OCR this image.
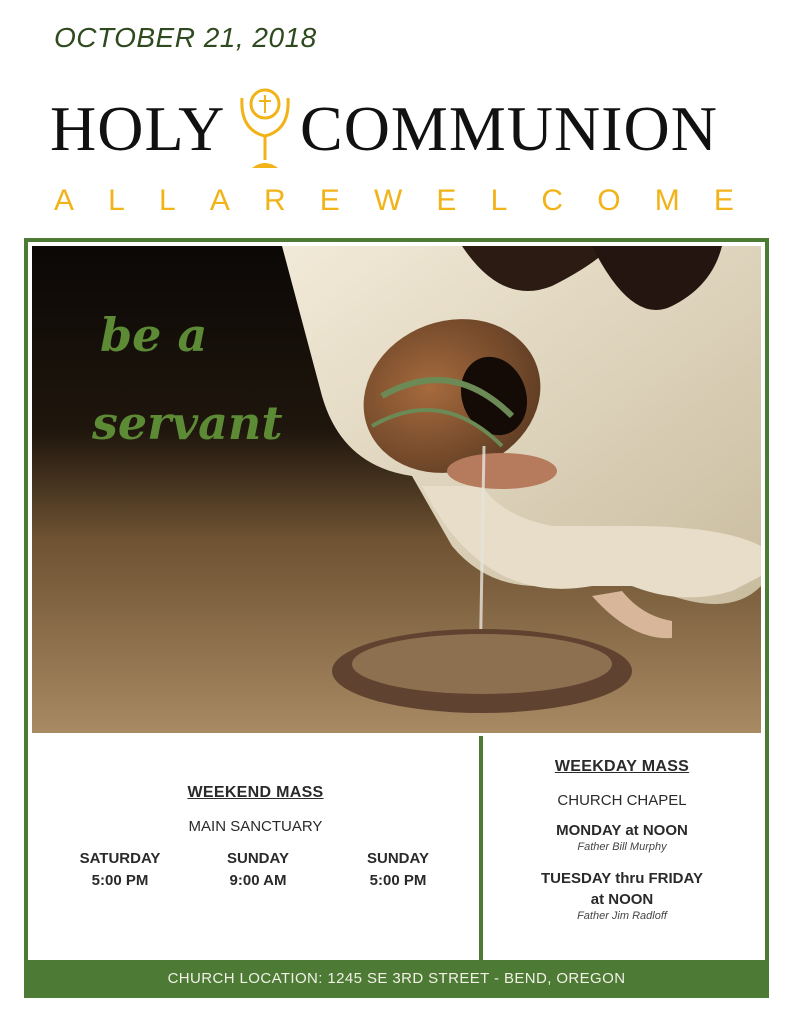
OCTOBER 21, 2018
HOLY COMMUNION
A L L A R E W E L C O M E
be a
servant
WEEKEND MASS
MAIN SANCTUARY
SATURDAY
5:00 PM
SUNDAY
9:00 AM
SUNDAY
5:00 PM
WEEKDAY MASS
CHURCH CHAPEL
MONDAY at NOON
Father Bill Murphy
TUESDAY thru FRIDAY
at NOON
Father Jim Radloff
CHURCH LOCATION: 1245 SE 3RD STREET - BEND, OREGON
